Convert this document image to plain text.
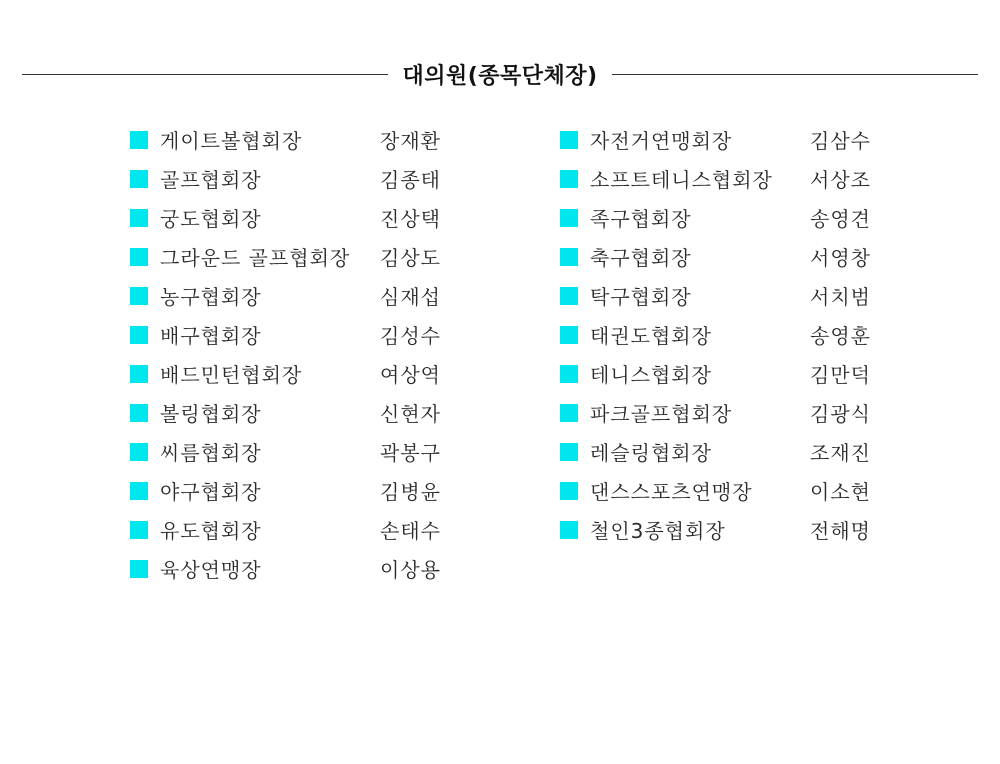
대의원(종목단체장)
게이트볼협회장	장재환
골프협회장	김종태
궁도협회장	진상택
그라운드 골프협회장 김상도
농구협회장	심재섭
배구협회장	김성수
배드민턴협회장	여상역
볼링협회장	신현자
씨름협회장	곽봉구
야구협회장	김병윤
유도협회장	손태수
육상연맹장	이상용
자전거연맹회장	김삼수
소프트테니스협회장 서상조
족구협회장	송영견
축구협회장	서영창
탁구협회장	서치범
태권도협회장	송영훈
테니스협회장	김만덕
파크골프협회장	김광식
레슬링협회장	조재진
댄스스포츠연맹장	이소현
철인3종협회장	전해명
